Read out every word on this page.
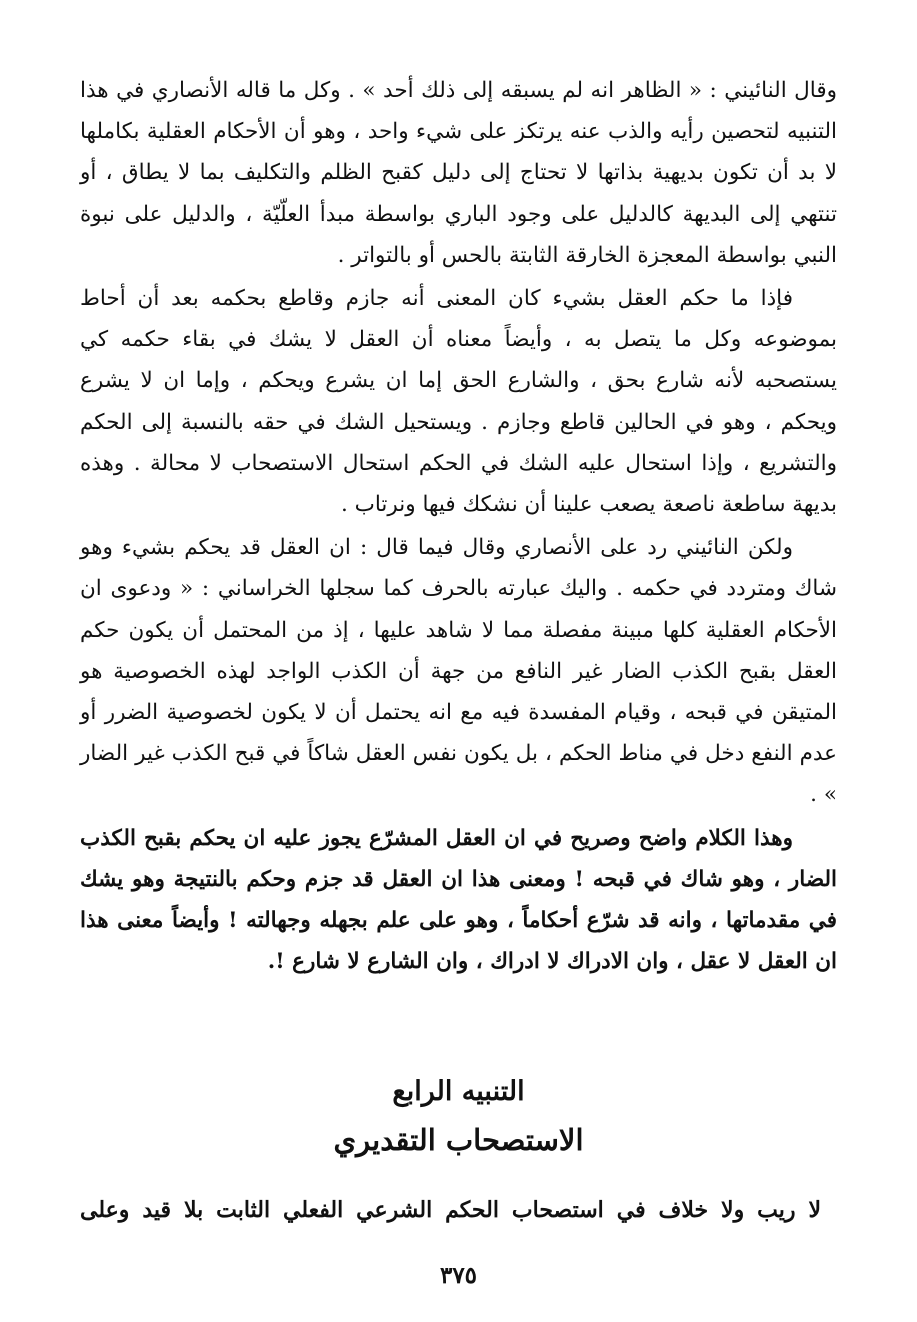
وقال النائيني : « الظاهر انه لم يسبقه إلى ذلك أحد » . وكل ما قاله الأنصاري في هذا التنبيه لتحصين رأيه والذب عنه يرتكز على شيء واحد ، وهو أن الأحكام العقلية بكاملها لا بد أن تكون بديهية بذاتها لا تحتاج إلى دليل كقبح الظلم والتكليف بما لا يطاق ، أو تنتهي إلى البديهة كالدليل على وجود الباري بواسطة مبدأ العلّيّة ، والدليل على نبوة النبي بواسطة المعجزة الخارقة الثابتة بالحس أو بالتواتر .

فإذا ما حكم العقل بشيء كان المعنى أنه جازم وقاطع بحكمه بعد أن أحاط بموضوعه وكل ما يتصل به ، وأيضاً معناه أن العقل لا يشك في بقاء حكمه كي يستصحبه لأنه شارع بحق ، والشارع الحق إما ان يشرع ويحكم ، وإما ان لا يشرع ويحكم ، وهو في الحالين قاطع وجازم . ويستحيل الشك في حقه بالنسبة إلى الحكم والتشريع ، وإذا استحال عليه الشك في الحكم استحال الاستصحاب لا محالة . وهذه بديهة ساطعة ناصعة يصعب علينا أن نشكك فيها ونرتاب .

ولكن النائيني رد على الأنصاري وقال فيما قال : ان العقل قد يحكم بشيء وهو شاك ومتردد في حكمه . واليك عبارته بالحرف كما سجلها الخراساني : « ودعوى ان الأحكام العقلية كلها مبينة مفصلة مما لا شاهد عليها ، إذ من المحتمل أن يكون حكم العقل بقبح الكذب الضار غير النافع من جهة أن الكذب الواجد لهذه الخصوصية هو المتيقن في قبحه ، وقيام المفسدة فيه مع انه يحتمل أن لا يكون لخصوصية الضرر أو عدم النفع دخل في مناط الحكم ، بل يكون نفس العقل شاكاً في قبح الكذب غير الضار » .

وهذا الكلام واضح وصريح في ان العقل المشرّع يجوز عليه ان يحكم بقبح الكذب الضار ، وهو شاك في قبحه ! ومعنى هذا ان العقل قد جزم وحكم بالنتيجة وهو يشك في مقدماتها ، وانه قد شرّع أحكاماً ، وهو على علم بجهله وجهالته ! وأيضاً معنى هذا ان العقل لا عقل ، وان الادراك لا ادراك ، وان الشارع لا شارع !.

التنبيه الرابع
الاستصحاب التقديري
لا ريب ولا خلاف في استصحاب الحكم الشرعي الفعلي الثابت بلا قيد وعلى
٣٧٥
